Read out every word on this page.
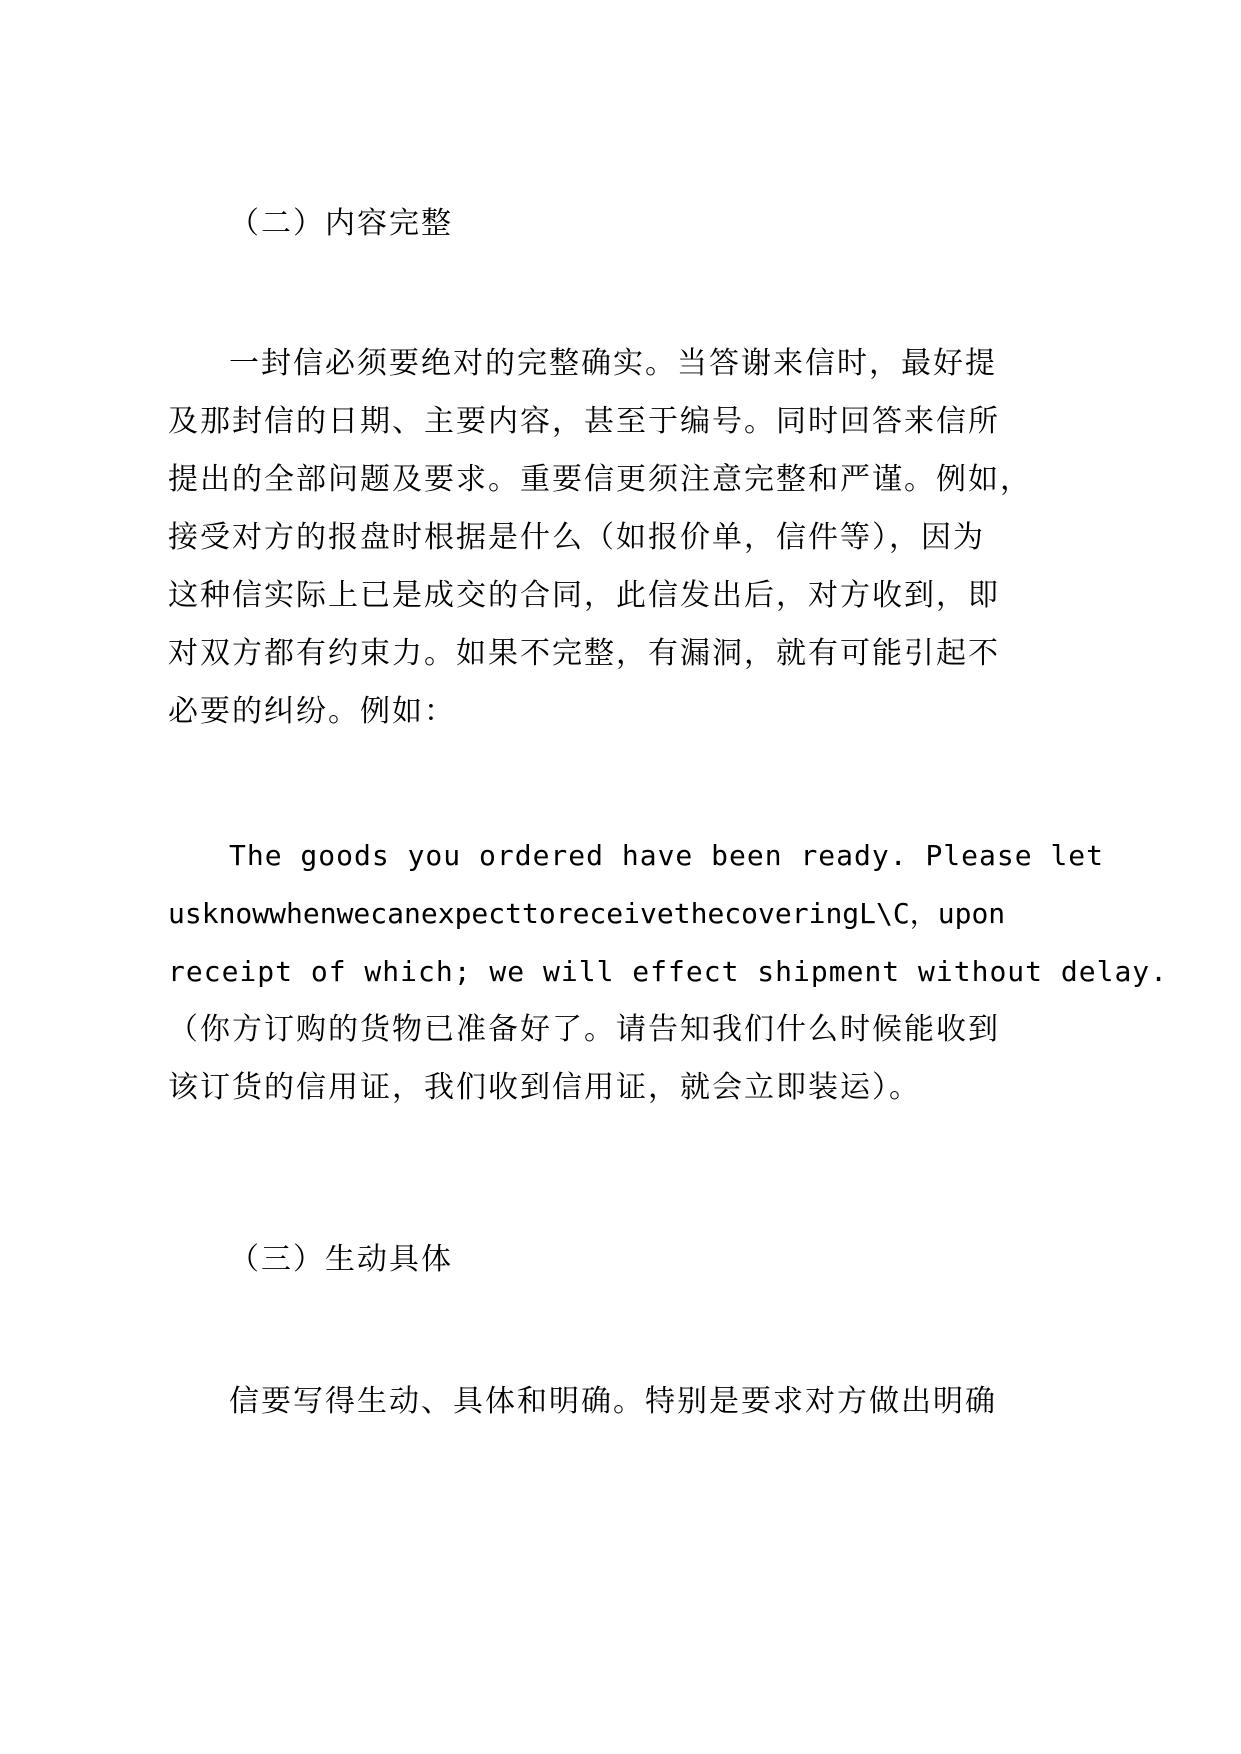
（二）内容完整

一封信必须要绝对的完整确实。当答谢来信时，最好提

及那封信的日期、主要内容，甚至于编号。同时回答来信所

提出的全部问题及要求。重要信更须注意完整和严谨。例如，

接受对方的报盘时根据是什么（如报价单，信件等），因为

这种信实际上已是成交的合同，此信发出后，对方收到，即

对双方都有约束力。如果不完整，有漏洞，就有可能引起不

必要的纠纷。例如：

The goods you ordered have been ready. Please let

usknowwhenwecanexpecttoreceivethecoveringL\C，upon

receipt of which; we will effect shipment without delay.

（你方订购的货物已准备好了。请告知我们什么时候能收到

该订货的信用证，我们收到信用证，就会立即装运）。

（三）生动具体

信要写得生动、具体和明确。特别是要求对方做出明确
